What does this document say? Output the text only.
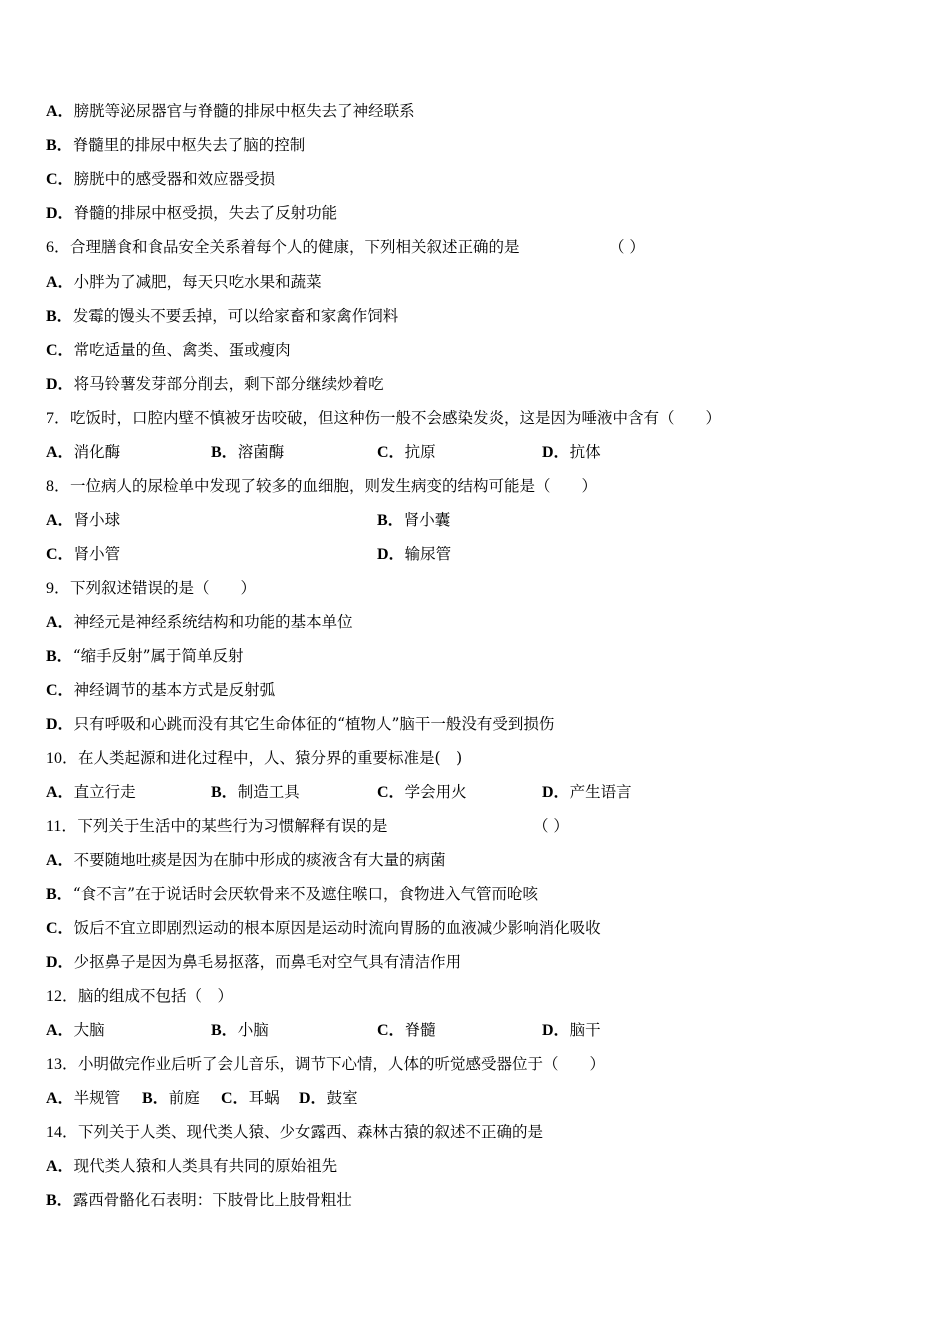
A．膀胱等泌尿器官与脊髓的排尿中枢失去了神经联系
B．脊髓里的排尿中枢失去了脑的控制
C．膀胱中的感受器和效应器受损
D．脊髓的排尿中枢受损，失去了反射功能
6．合理膳食和食品安全关系着每个人的健康，下列相关叙述正确的是	（ ）
A．小胖为了减肥，每天只吃水果和蔬菜
B．发霉的馒头不要丢掉，可以给家畜和家禽作饲料
C．常吃适量的鱼、禽类、蛋或瘦肉
D．将马铃薯发芽部分削去，剩下部分继续炒着吃
7．吃饭时，口腔内壁不慎被牙齿咬破，但这种伤一般不会感染发炎，这是因为唾液中含有（　　）
A．消化酶	B．溶菌酶	C．抗原	D．抗体
8．一位病人的尿检单中发现了较多的血细胞，则发生病变的结构可能是（　　）
A．肾小球	B．肾小囊
C．肾小管	D．输尿管
9．下列叙述错误的是（　　）
A．神经元是神经系统结构和功能的基本单位
B．“缩手反射”属于简单反射
C．神经调节的基本方式是反射弧
D．只有呼吸和心跳而没有其它生命体征的“植物人”脑干一般没有受到损伤
10．在人类起源和进化过程中，人、猿分界的重要标准是(　)
A．直立行走	B．制造工具	C．学会用火	D．产生语言
11．下列关于生活中的某些行为习惯解释有误的是	（ ）
A．不要随地吐痰是因为在肺中形成的痰液含有大量的病菌
B．“食不言”在于说话时会厌软骨来不及遮住喉口，食物进入气管而呛咳
C．饭后不宜立即剧烈运动的根本原因是运动时流向胃肠的血液减少影响消化吸收
D．少抠鼻子是因为鼻毛易抠落，而鼻毛对空气具有清洁作用
12．脑的组成不包括（　）
A．大脑	B．小脑	C．脊髓	D．脑干
13．小明做完作业后听了会儿音乐，调节下心情，人体的听觉感受器位于（　　）
A．半规管 B．前庭 C．耳蜗 D．鼓室
14．下列关于人类、现代类人猿、少女露西、森林古猿的叙述不正确的是
A．现代类人猿和人类具有共同的原始祖先
B．露西骨骼化石表明：下肢骨比上肢骨粗壮
